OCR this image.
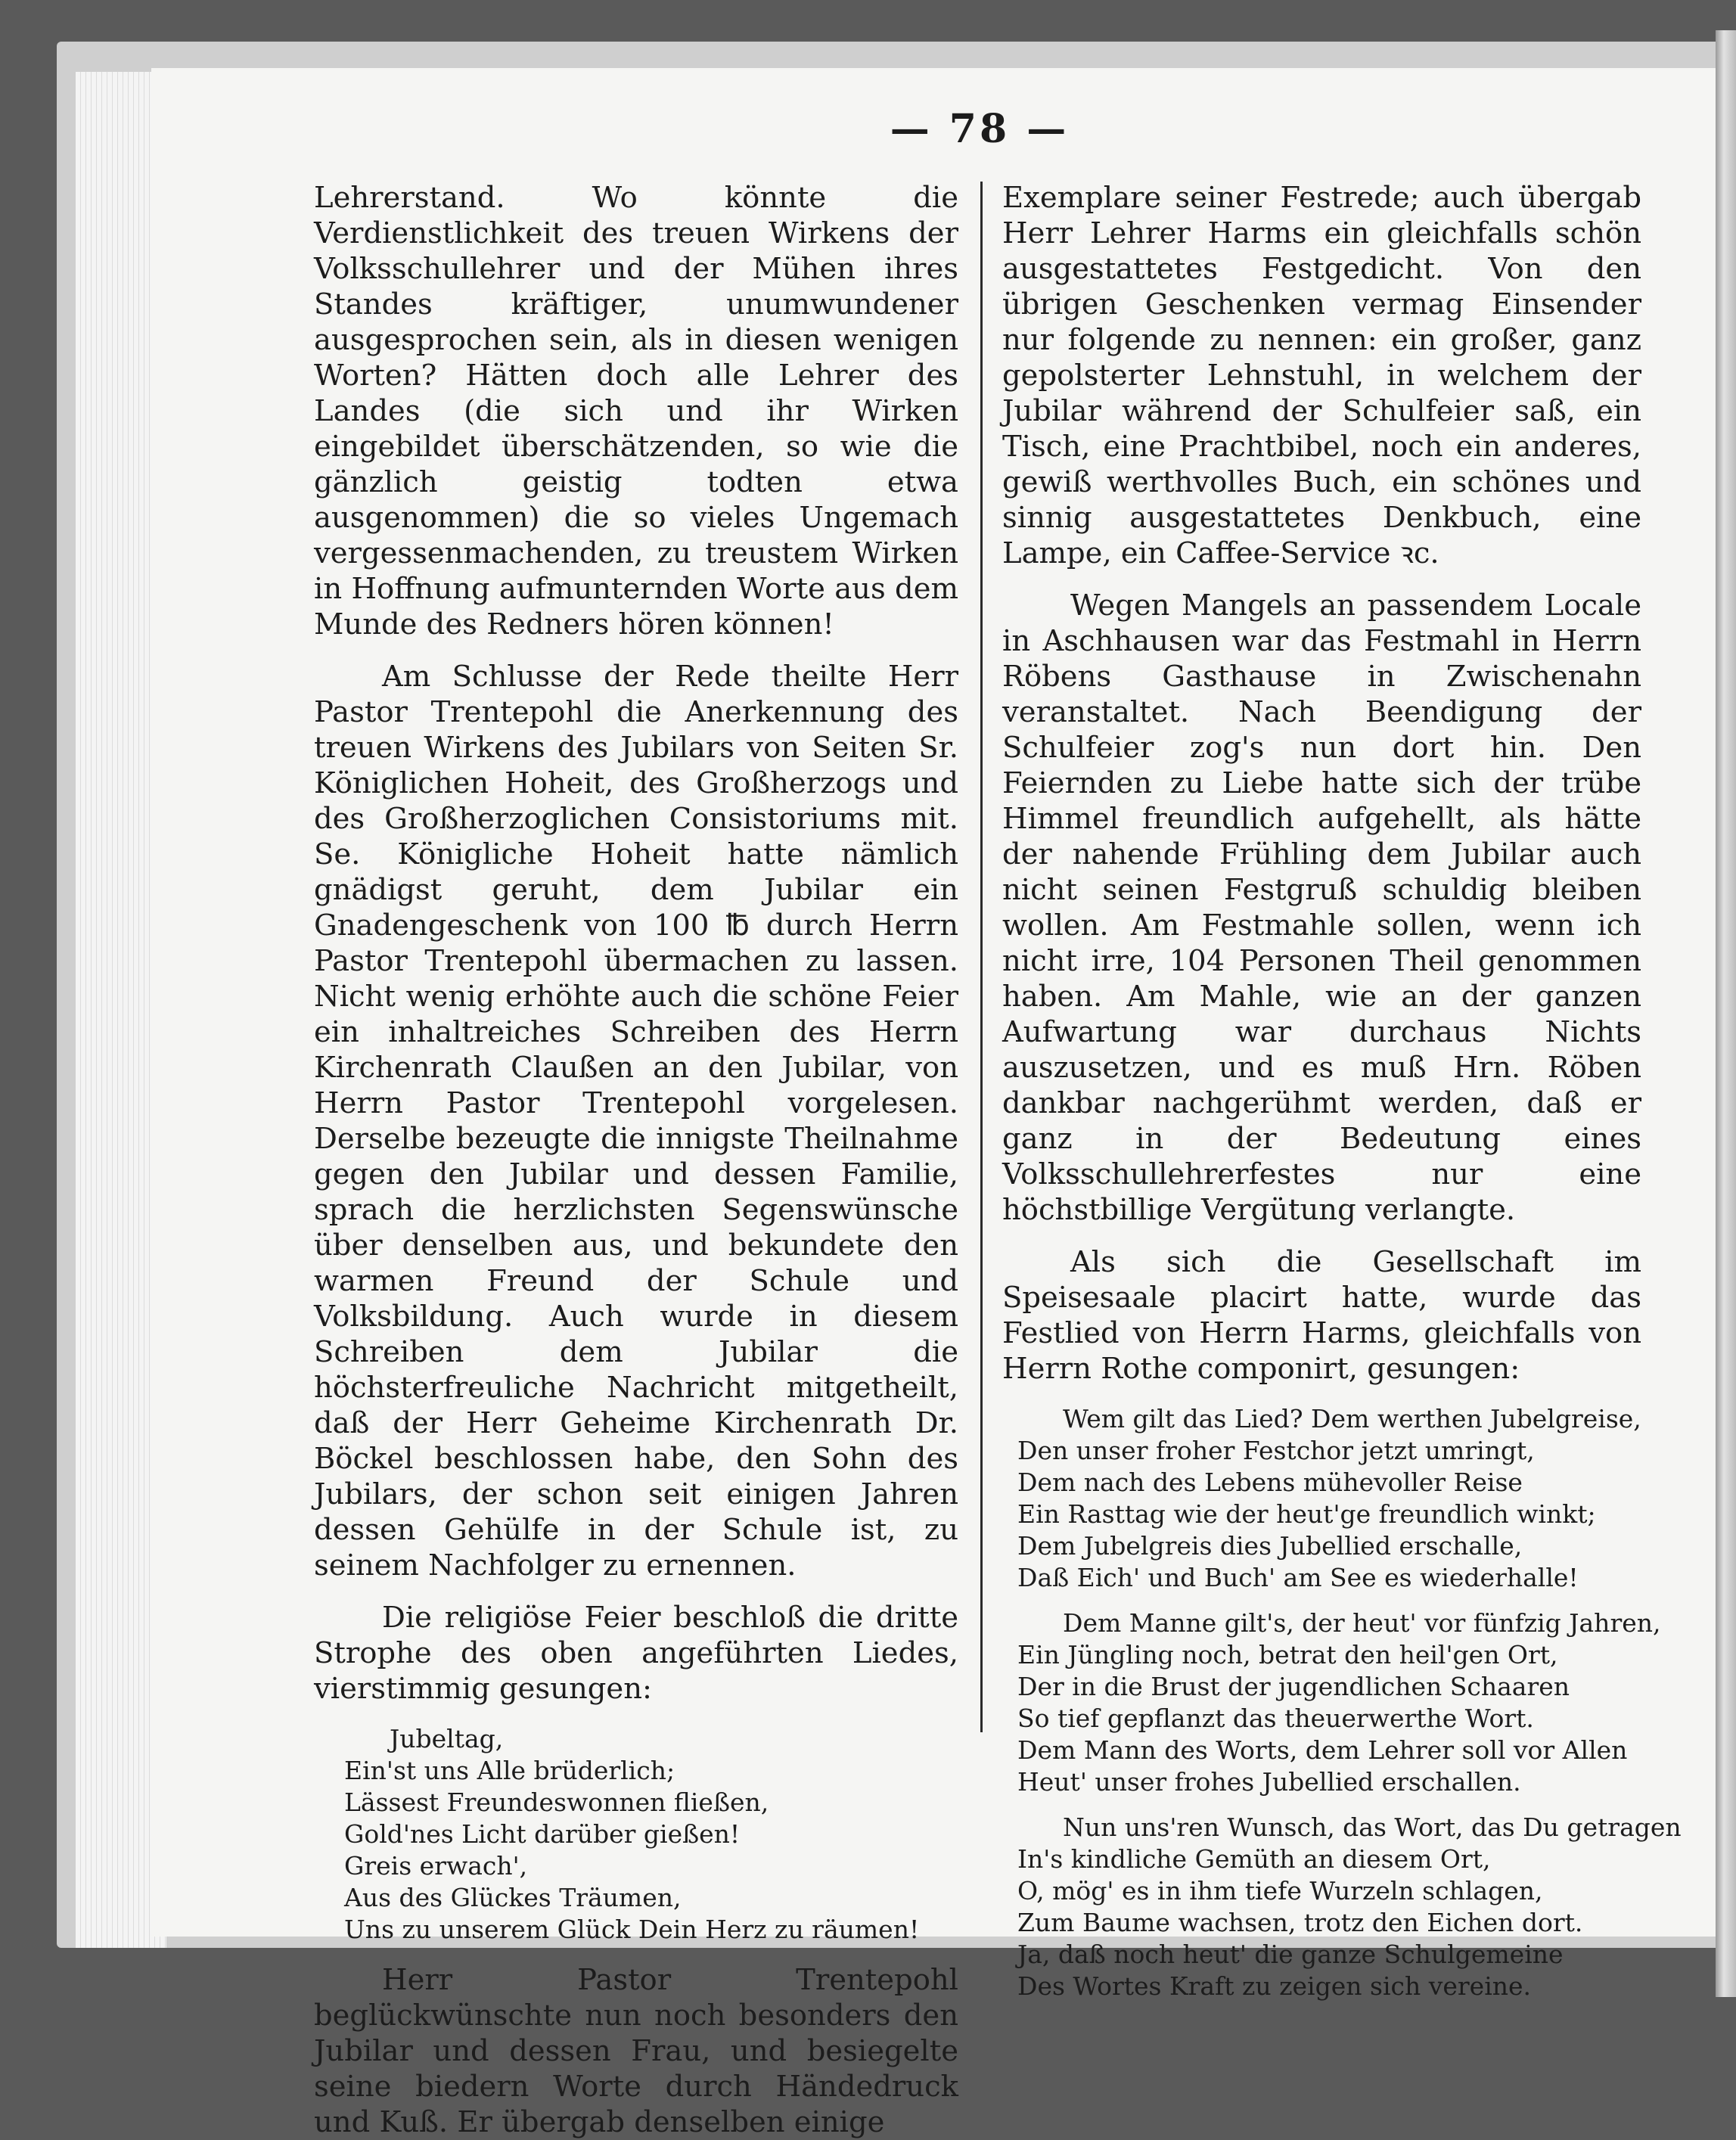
— 78 —

Lehrerstand. Wo könnte die Verdienstlichkeit des treuen Wirkens der Volksschullehrer und der Mühen ihres Standes kräftiger, unumwundener ausgesprochen sein, als in diesen wenigen Worten? Hätten doch alle Lehrer des Landes (die sich und ihr Wirken eingebildet überschätzenden, so wie die gänzlich geistig todten etwa ausgenommen) die so vieles Ungemach vergessenmachenden, zu treustem Wirken in Hoffnung aufmunternden Worte aus dem Munde des Redners hören können!

Am Schlusse der Rede theilte Herr Pastor Trentepohl die Anerkennung des treuen Wirkens des Jubilars von Seiten Sr. Königlichen Hoheit, des Großherzogs und des Großherzoglichen Consistoriums mit. Se. Königliche Hoheit hatte nämlich gnädigst geruht, dem Jubilar ein Gnadengeschenk von 100 ℔ durch Herrn Pastor Trentepohl übermachen zu lassen. Nicht wenig erhöhte auch die schöne Feier ein inhaltreiches Schreiben des Herrn Kirchenrath Claußen an den Jubilar, von Herrn Pastor Trentepohl vorgelesen. Derselbe bezeugte die innigste Theilnahme gegen den Jubilar und dessen Familie, sprach die herzlichsten Segenswünsche über denselben aus, und bekundete den warmen Freund der Schule und Volksbildung. Auch wurde in diesem Schreiben dem Jubilar die höchsterfreuliche Nachricht mitgetheilt, daß der Herr Geheime Kirchenrath Dr. Böckel beschlossen habe, den Sohn des Jubilars, der schon seit einigen Jahren dessen Gehülfe in der Schule ist, zu seinem Nachfolger zu ernennen.

Die religiöse Feier beschloß die dritte Strophe des oben angeführten Liedes, vierstimmig gesungen:

Jubeltag,

Ein'st uns Alle brüderlich;

Lässest Freundeswonnen fließen,

Gold'nes Licht darüber gießen!

Greis erwach',

Aus des Glückes Träumen,

Uns zu unserem Glück Dein Herz zu räumen!

Herr Pastor Trentepohl beglückwünschte nun noch besonders den Jubilar und dessen Frau, und besiegelte seine biedern Worte durch Händedruck und Kuß. Er übergab denselben einige

Exemplare seiner Festrede; auch übergab Herr Lehrer Harms ein gleichfalls schön ausgestattetes Festgedicht. Von den übrigen Geschenken vermag Einsender nur folgende zu nennen: ein großer, ganz gepolsterter Lehnstuhl, in welchem der Jubilar während der Schulfeier saß, ein Tisch, eine Prachtbibel, noch ein anderes, gewiß werthvolles Buch, ein schönes und sinnig ausgestattetes Denkbuch, eine Lampe, ein Caffee-Service ꝛc.

Wegen Mangels an passendem Locale in Aschhausen war das Festmahl in Herrn Röbens Gasthause in Zwischenahn veranstaltet. Nach Beendigung der Schulfeier zog's nun dort hin. Den Feiernden zu Liebe hatte sich der trübe Himmel freundlich aufgehellt, als hätte der nahende Frühling dem Jubilar auch nicht seinen Festgruß schuldig bleiben wollen. Am Festmahle sollen, wenn ich nicht irre, 104 Personen Theil genommen haben. Am Mahle, wie an der ganzen Aufwartung war durchaus Nichts auszusetzen, und es muß Hrn. Röben dankbar nachgerühmt werden, daß er ganz in der Bedeutung eines Volksschullehrerfestes nur eine höchstbillige Vergütung verlangte.

Als sich die Gesellschaft im Speisesaale placirt hatte, wurde das Festlied von Herrn Harms, gleichfalls von Herrn Rothe componirt, gesungen:

Wem gilt das Lied? Dem werthen Jubelgreise,

Den unser froher Festchor jetzt umringt,

Dem nach des Lebens mühevoller Reise

Ein Rasttag wie der heut'ge freundlich winkt;

Dem Jubelgreis dies Jubellied erschalle,

Daß Eich' und Buch' am See es wiederhalle!

Dem Manne gilt's, der heut' vor fünfzig Jahren,

Ein Jüngling noch, betrat den heil'gen Ort,

Der in die Brust der jugendlichen Schaaren

So tief gepflanzt das theuerwerthe Wort.

Dem Mann des Worts, dem Lehrer soll vor Allen

Heut' unser frohes Jubellied erschallen.

Nun uns'ren Wunsch, das Wort, das Du getragen

In's kindliche Gemüth an diesem Ort,

O, mög' es in ihm tiefe Wurzeln schlagen,

Zum Baume wachsen, trotz den Eichen dort.

Ja, daß noch heut' die ganze Schulgemeine

Des Wortes Kraft zu zeigen sich vereine.
